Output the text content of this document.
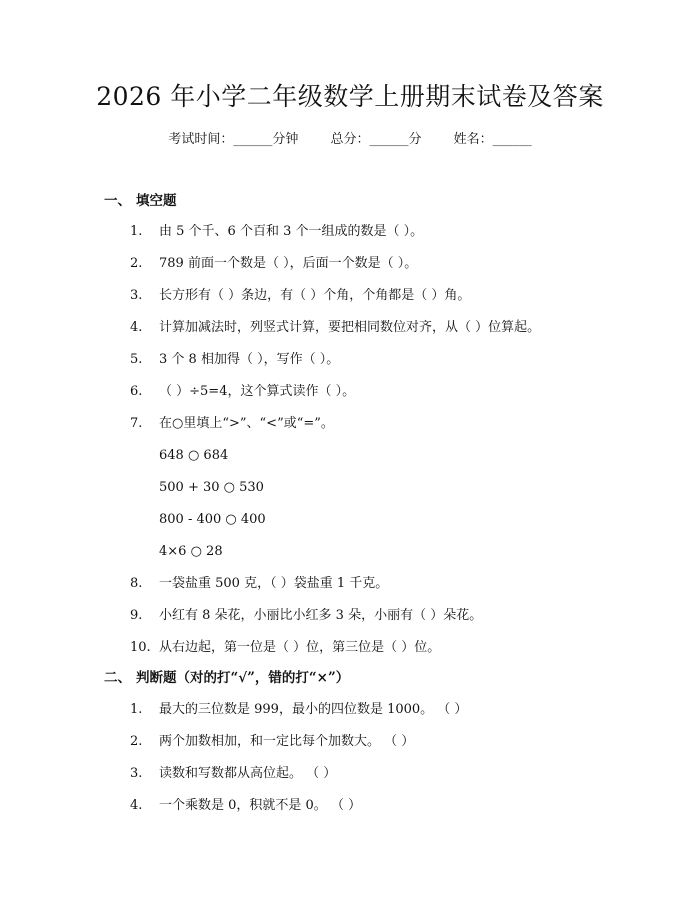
2026 年小学二年级数学上册期末试卷及答案
考试时间：______分钟 总分：______分 姓名：______
一、 填空题
1. 由 5 个千、6 个百和 3 个一组成的数是（ ）。
2. 789 前面一个数是（ ），后面一个数是（ ）。
3. 长方形有（ ）条边，有（ ）个角，个角都是（ ）角。
4. 计算加减法时，列竖式计算，要把相同数位对齐，从（ ）位算起。
5. 3 个 8 相加得（ ），写作（ ）。
6. （ ）÷5=4，这个算式读作（ ）。
7. 在○里填上“>”、“<”或“=”。
648 ○ 684
500 + 30 ○ 530
800 - 400 ○ 400
4×6 ○ 28
8. 一袋盐重 500 克，（ ）袋盐重 1 千克。
9. 小红有 8 朵花，小丽比小红多 3 朵，小丽有（ ）朵花。
10. 从右边起，第一位是（ ）位，第三位是（ ）位。
二、 判断题（对的打“√”，错的打“×”）
1. 最大的三位数是 999，最小的四位数是 1000。 （ ）
2. 两个加数相加，和一定比每个加数大。 （ ）
3. 读数和写数都从高位起。 （ ）
4. 一个乘数是 0，积就不是 0。 （ ）
